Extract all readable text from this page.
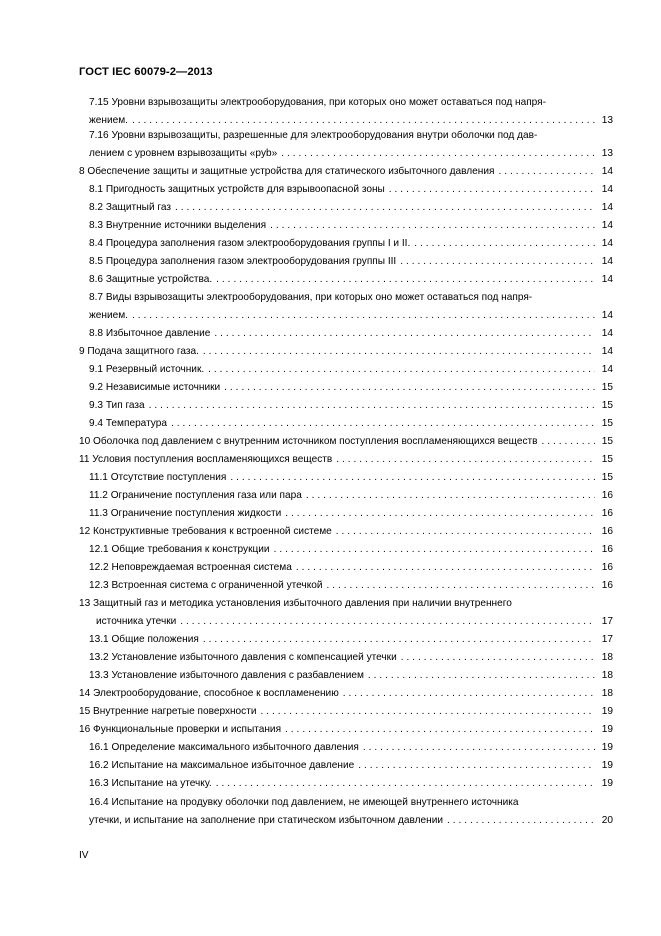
ГОСТ IEC 60079-2—2013
7.15 Уровни взрывозащиты электрооборудования, при которых оно может оставаться под напря-
жением. . . .	13
7.16 Уровни взрывозащиты, разрешенные для электрооборудования внутри оболочки под дав-
лением с уровнем взрывозащиты «pyb» . . .	13
8 Обеспечение защиты и защитные устройства для статического избыточного давления . . .	14
8.1 Пригодность защитных устройств для взрывоопасной зоны . . .	14
8.2 Защитный газ . . .	14
8.3 Внутренние источники выделения . . .	14
8.4 Процедура заполнения газом электрооборудования группы I и II. . . .	14
8.5 Процедура заполнения газом электрооборудования группы III . . .	14
8.6 Защитные устройства. . . .	14
8.7 Виды взрывозащиты электрооборудования, при которых оно может оставаться под напря-
жением. . . .	14
8.8 Избыточное давление . . .	14
9 Подача защитного газа. . . .	14
9.1 Резервный источник. . . .	14
9.2 Независимые источники . . .	15
9.3 Тип газа . . .	15
9.4 Температура . . .	15
10 Оболочка под давлением с внутренним источником поступления воспламеняющихся веществ . . .	15
11 Условия поступления воспламеняющихся веществ . . .	15
11.1 Отсутствие поступления . . .	15
11.2 Ограничение поступления газа или пара . . .	16
11.3 Ограничение поступления жидкости . . .	16
12 Конструктивные требования к встроенной системе . . .	16
12.1 Общие требования к конструкции . . .	16
12.2 Неповреждаемая встроенная система . . .	16
12.3 Встроенная система с ограниченной утечкой . . .	16
13 Защитный газ и методика установления избыточного давления при наличии внутреннего
источника утечки . . .	17
13.1 Общие положения . . .	17
13.2 Установление избыточного давления с компенсацией утечки . . .	18
13.3 Установление избыточного давления с разбавлением . . .	18
14 Электрооборудование, способное к воспламенению . . .	18
15 Внутренние нагретые поверхности . . .	19
16 Функциональные проверки и испытания . . .	19
16.1 Определение максимального избыточного давления . . .	19
16.2 Испытание на максимальное избыточное давление . . .	19
16.3 Испытание на утечку. . . .	19
16.4 Испытание на продувку оболочки под давлением, не имеющей внутреннего источника
утечки, и испытание на заполнение при статическом избыточном давлении . . .	20
IV
